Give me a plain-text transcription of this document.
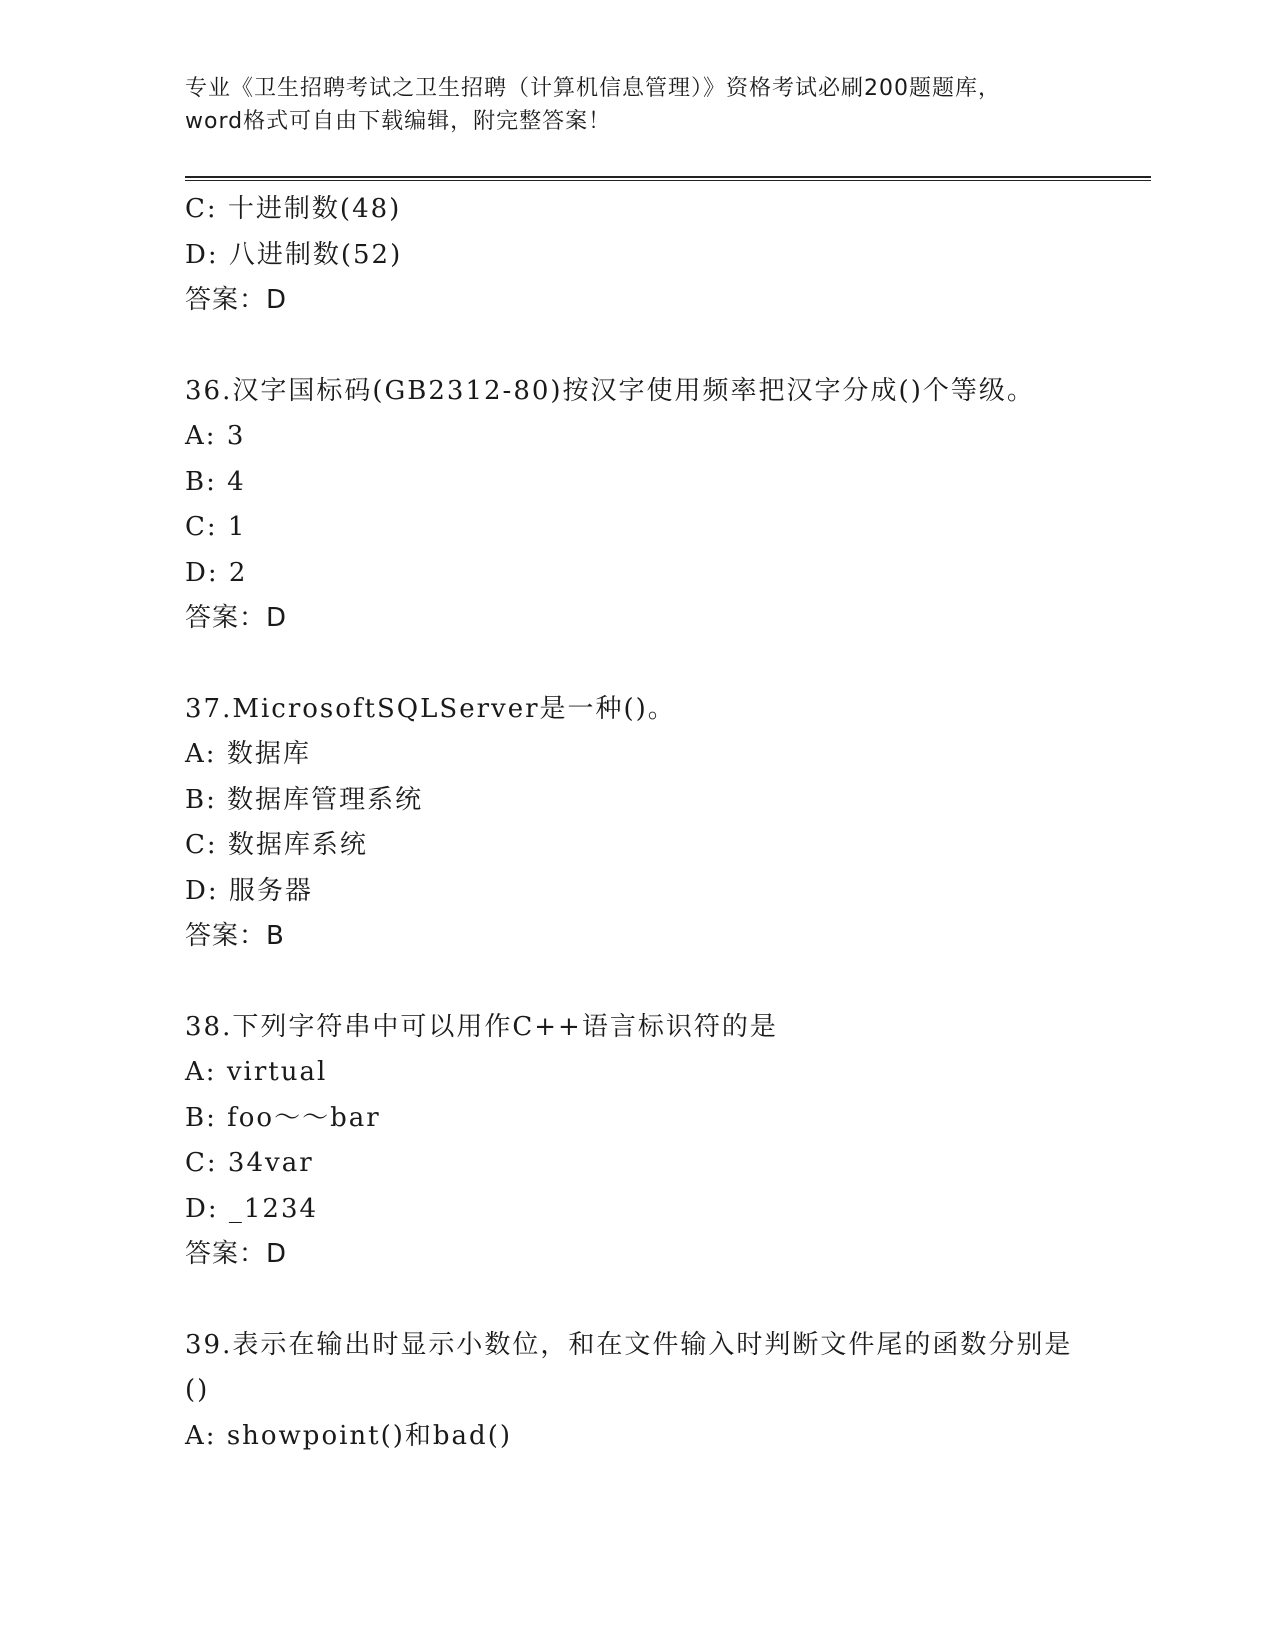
专业《卫生招聘考试之卫生招聘（计算机信息管理）》资格考试必刷200题题库，
word格式可自由下载编辑，附完整答案！
C: 十进制数(48)
D: 八进制数(52)
答案：D
36.汉字国标码(GB2312-80)按汉字使用频率把汉字分成()个等级。
A: 3
B: 4
C: 1
D: 2
答案：D
37.MicrosoftSQLServer是一种()。
A: 数据库
B: 数据库管理系统
C: 数据库系统
D: 服务器
答案：B
38.下列字符串中可以用作C++语言标识符的是
A: virtual
B: foo～～bar
C: 34var
D: _1234
答案：D
39.表示在输出时显示小数位，和在文件输入时判断文件尾的函数分别是()
A: showpoint()和bad()
